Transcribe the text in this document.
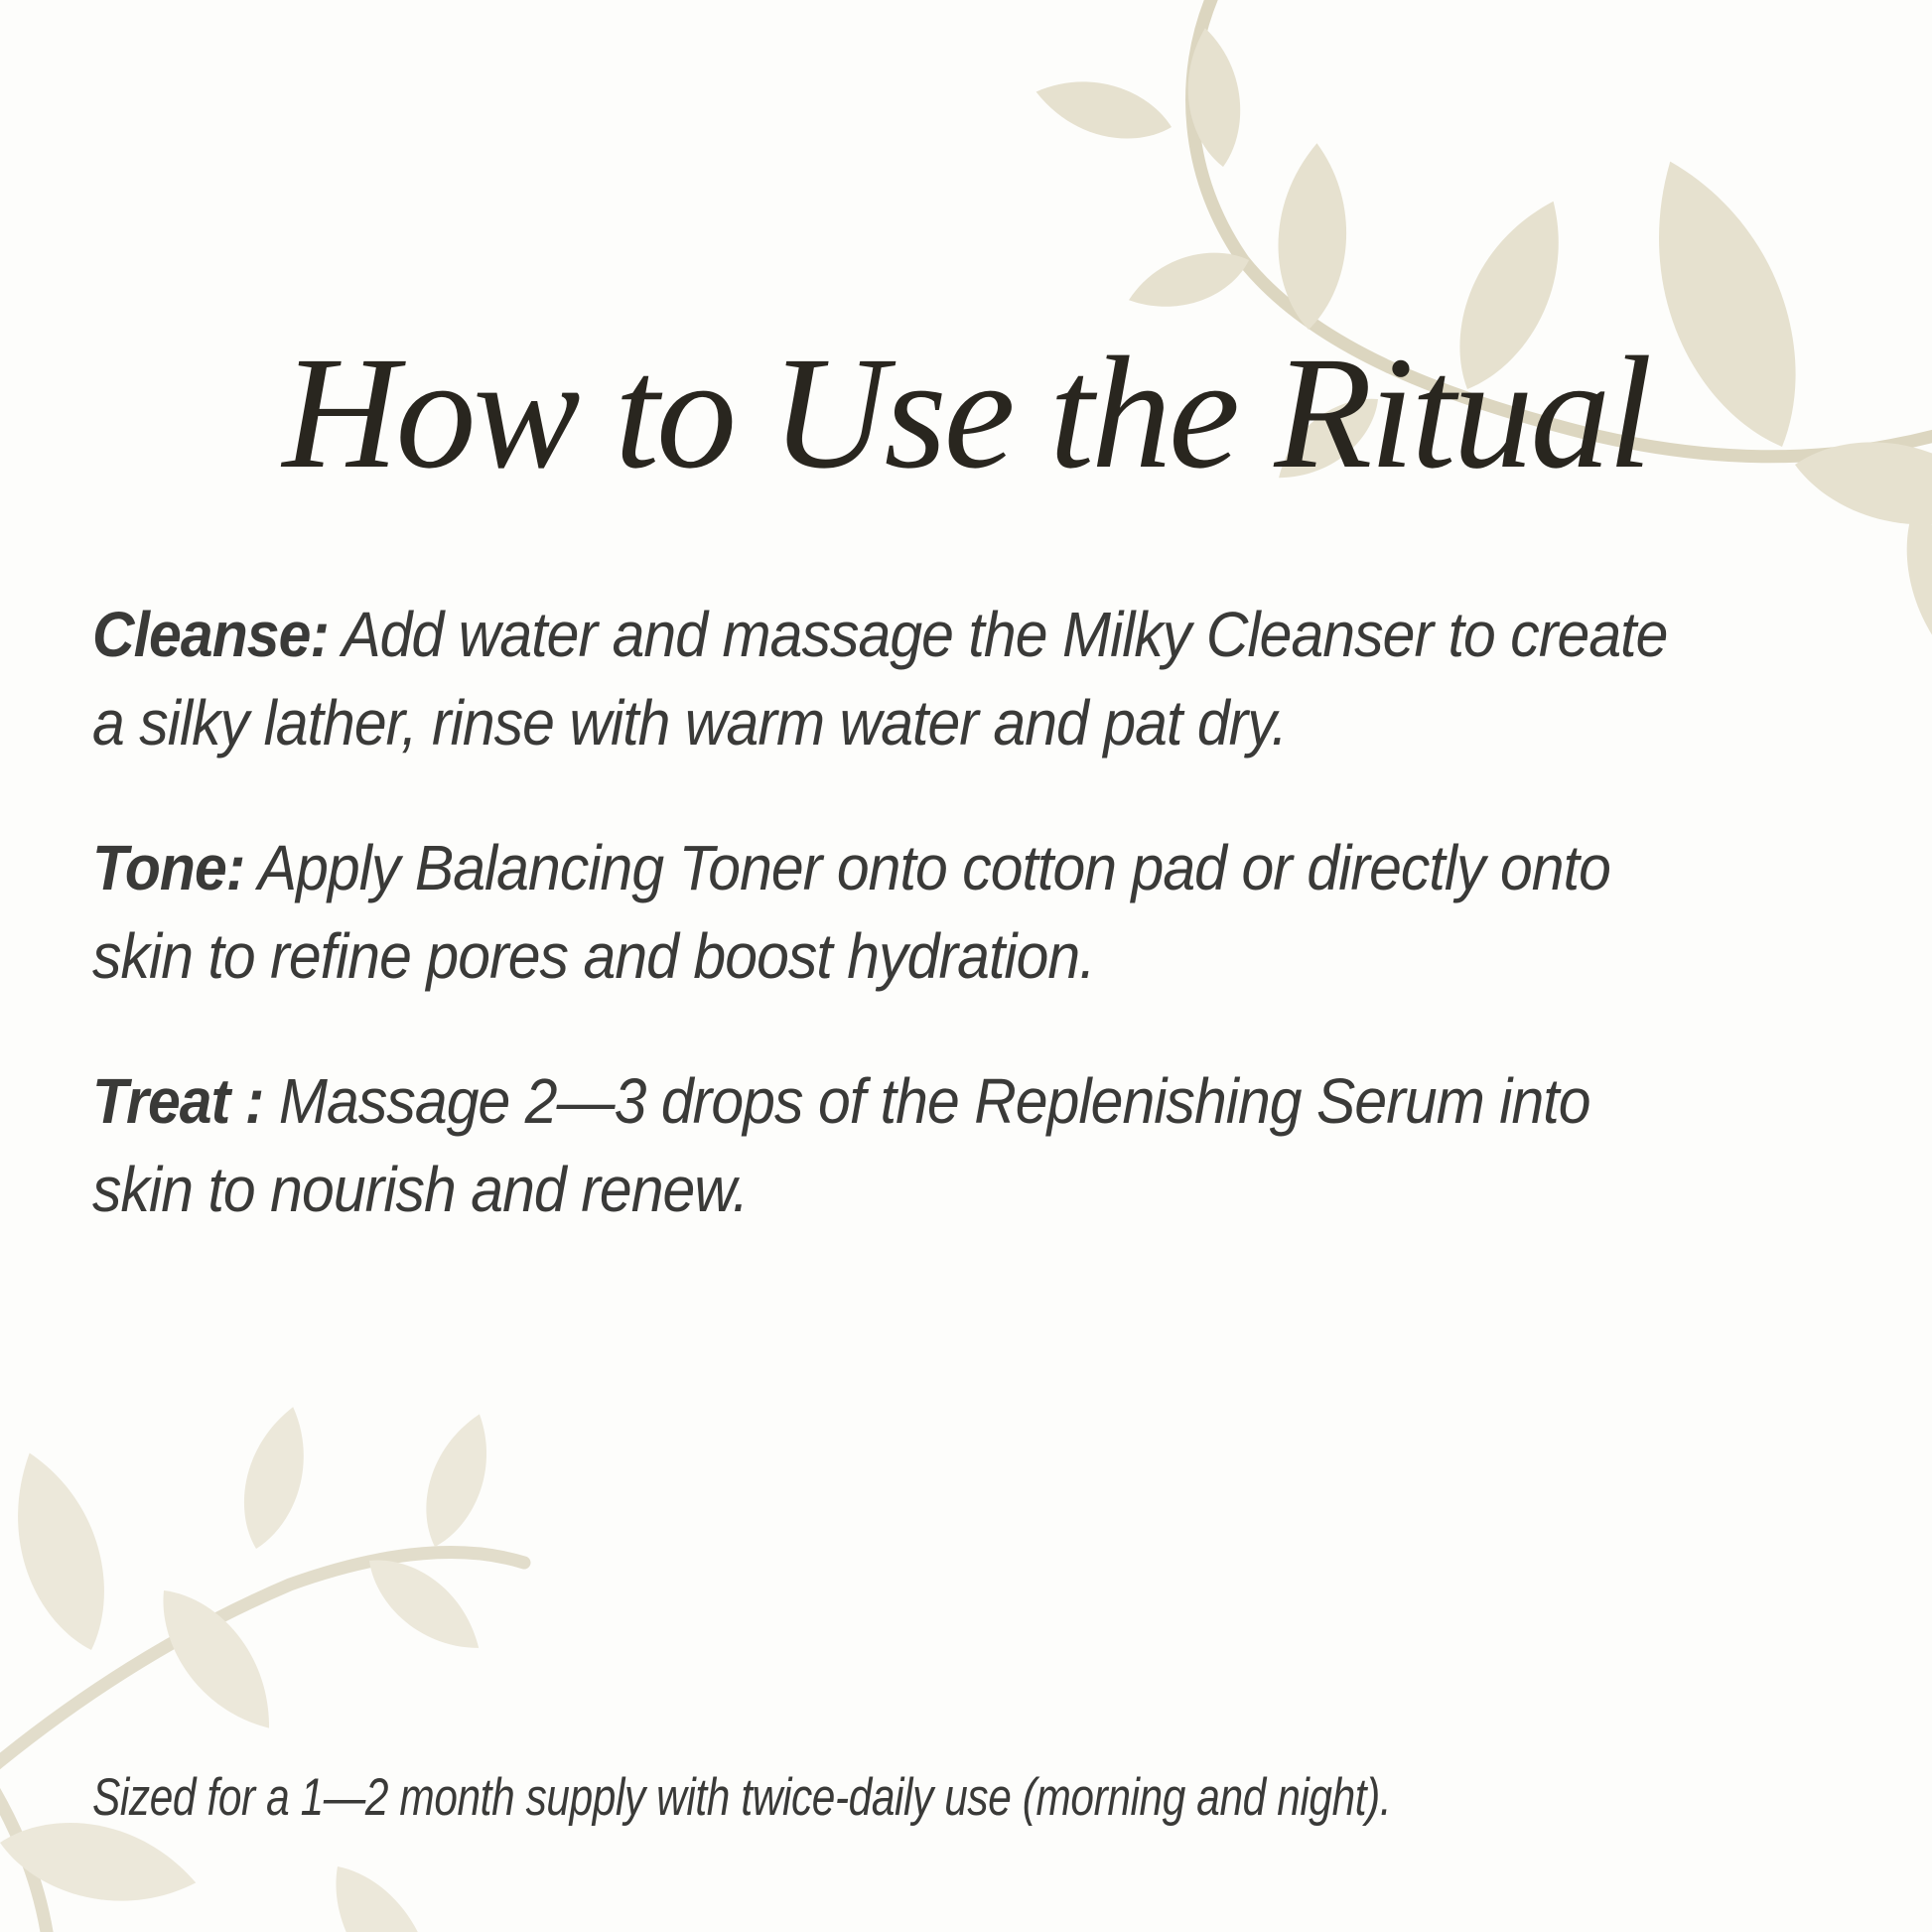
How to Use the Ritual

Cleanse: Add water and massage the Milky Cleanser to create
a silky lather, rinse with warm water and pat dry.

Tone: Apply Balancing Toner onto cotton pad or directly onto
skin to refine pores and boost hydration.

Treat : Massage 2—3 drops of the Replenishing Serum into
skin to nourish and renew.

Sized for a 1—2 month supply with twice-daily use (morning and night).
